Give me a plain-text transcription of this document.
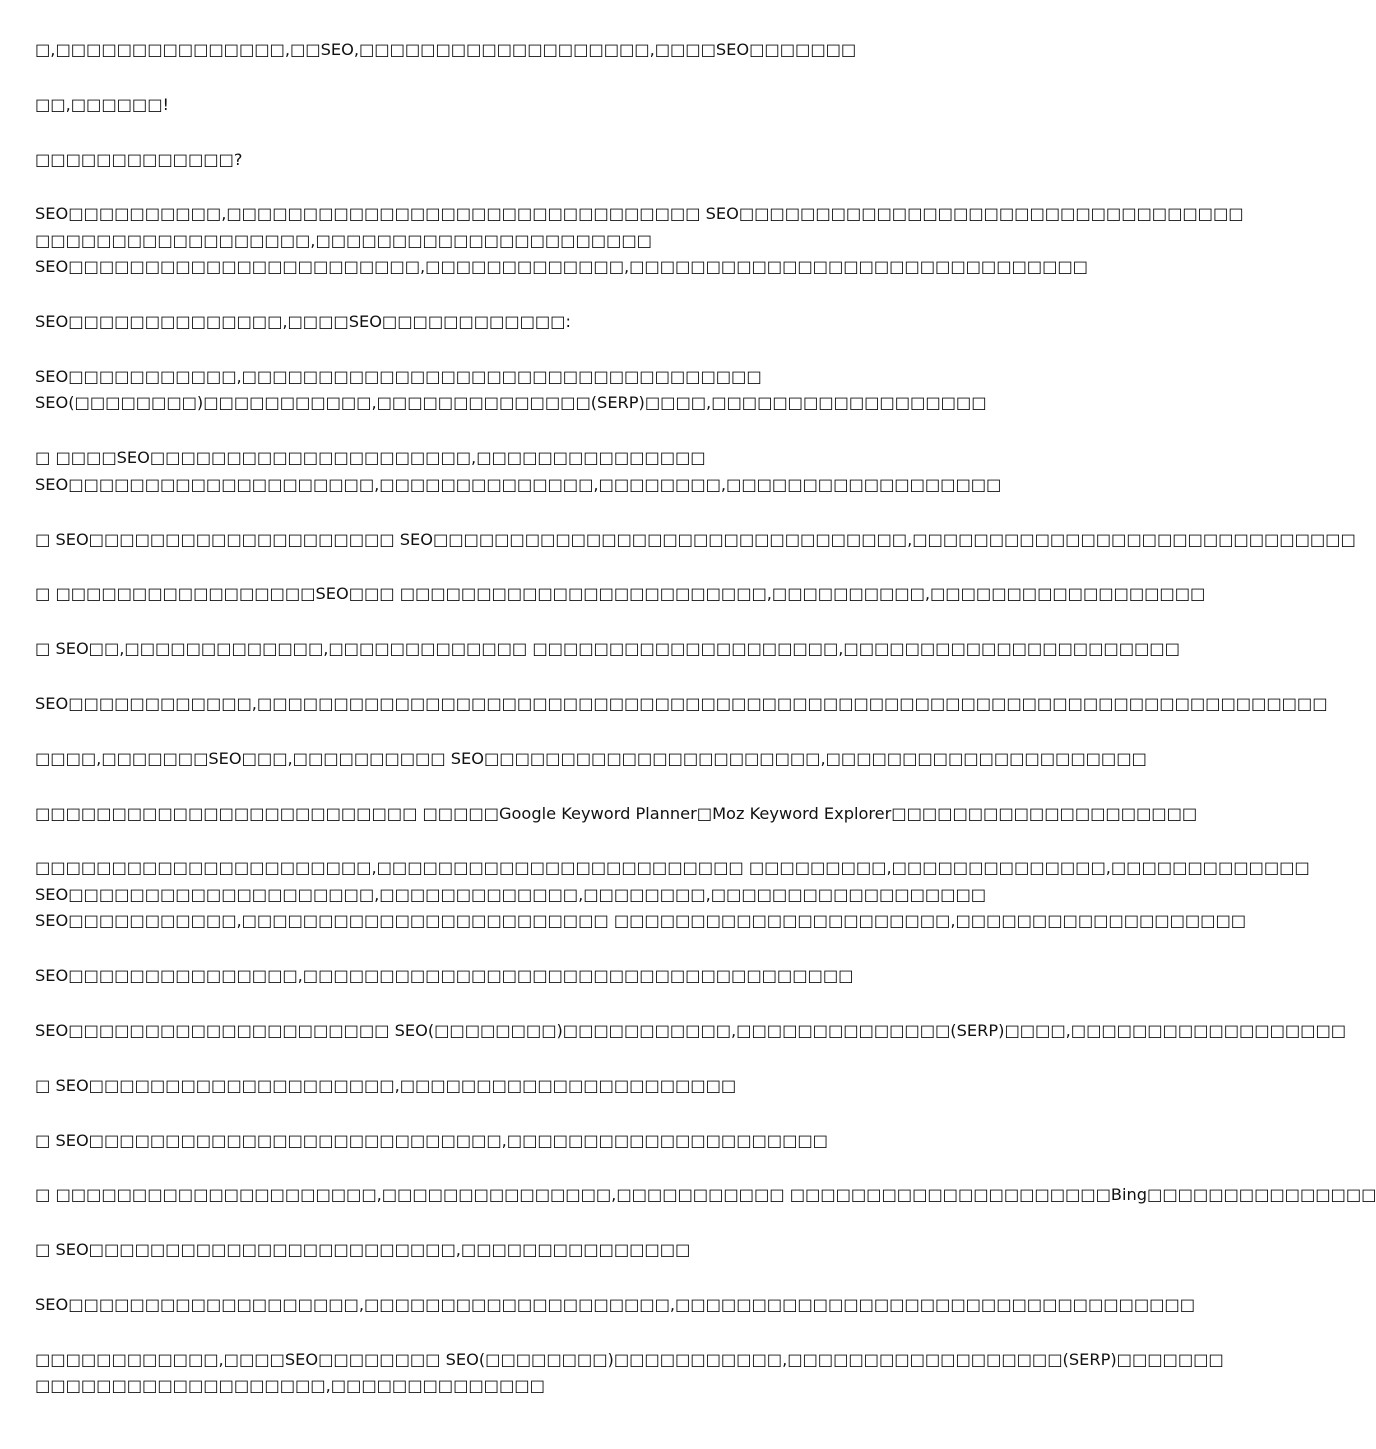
□,□□□□□□□□□□□□□□□,□□SEO,□□□□□□□□□□□□□□□□□□□,□□□□SEO□□□□□□□
□□,□□□□□□!
□□□□□□□□□□□□□?
SEO□□□□□□□□□□,□□□□□□□□□□□□□□□□□□□□□□□□□□□□□□□ SEO□□□□□□□□□□□□□□□□□□□□□□□□□□□□□□□□□
□□□□□□□□□□□□□□□□□□,□□□□□□□□□□□□□□□□□□□□□□
SEO□□□□□□□□□□□□□□□□□□□□□□□,□□□□□□□□□□□□□,□□□□□□□□□□□□□□□□□□□□□□□□□□□□□□
SEO□□□□□□□□□□□□□□,□□□□SEO□□□□□□□□□□□□:
SEO□□□□□□□□□□□,□□□□□□□□□□□□□□□□□□□□□□□□□□□□□□□□□□
SEO(□□□□□□□□)□□□□□□□□□□□,□□□□□□□□□□□□□□(SERP)□□□□,□□□□□□□□□□□□□□□□□□
□ □□□□SEO□□□□□□□□□□□□□□□□□□□□□,□□□□□□□□□□□□□□□
SEO□□□□□□□□□□□□□□□□□□□□,□□□□□□□□□□□□□□,□□□□□□□□,□□□□□□□□□□□□□□□□□□
□ SEO□□□□□□□□□□□□□□□□□□□□ SEO□□□□□□□□□□□□□□□□□□□□□□□□□□□□□□□,□□□□□□□□□□□□□□□□□□□□□□□□□□□□□
□ □□□□□□□□□□□□□□□□□SEO□□□ □□□□□□□□□□□□□□□□□□□□□□□□,□□□□□□□□□□,□□□□□□□□□□□□□□□□□□
□ SEO□□,□□□□□□□□□□□□□,□□□□□□□□□□□□□ □□□□□□□□□□□□□□□□□□□□,□□□□□□□□□□□□□□□□□□□□□□
SEO□□□□□□□□□□□□,□□□□□□□□□□□□□□□□□□□□□□□□□□□□□□□□□□□□□□□□□□□□□□□□□□□□□□□□□□□□□□□□□□□□□□
□□□□,□□□□□□□SEO□□□,□□□□□□□□□□ SEO□□□□□□□□□□□□□□□□□□□□□□,□□□□□□□□□□□□□□□□□□□□□
□□□□□□□□□□□□□□□□□□□□□□□□□ □□□□□Google Keyword Planner□Moz Keyword Explorer□□□□□□□□□□□□□□□□□□□□
□□□□□□□□□□□□□□□□□□□□□□,□□□□□□□□□□□□□□□□□□□□□□□□ □□□□□□□□□,□□□□□□□□□□□□□□,□□□□□□□□□□□□□
SEO□□□□□□□□□□□□□□□□□□□□,□□□□□□□□□□□□□,□□□□□□□□,□□□□□□□□□□□□□□□□□□
SEO□□□□□□□□□□□,□□□□□□□□□□□□□□□□□□□□□□□□ □□□□□□□□□□□□□□□□□□□□□□,□□□□□□□□□□□□□□□□□□□
SEO□□□□□□□□□□□□□□□,□□□□□□□□□□□□□□□□□□□□□□□□□□□□□□□□□□□□
SEO□□□□□□□□□□□□□□□□□□□□□ SEO(□□□□□□□□)□□□□□□□□□□□,□□□□□□□□□□□□□□(SERP)□□□□,□□□□□□□□□□□□□□□□□□
□ SEO□□□□□□□□□□□□□□□□□□□□,□□□□□□□□□□□□□□□□□□□□□□
□ SEO□□□□□□□□□□□□□□□□□□□□□□□□□□□,□□□□□□□□□□□□□□□□□□□□□
□ □□□□□□□□□□□□□□□□□□□□□,□□□□□□□□□□□□□□□,□□□□□□□□□□□ □□□□□□□□□□□□□□□□□□□□□Bing□□□□□□□□□□□□□□□
□ SEO□□□□□□□□□□□□□□□□□□□□□□□□,□□□□□□□□□□□□□□□
SEO□□□□□□□□□□□□□□□□□□□,□□□□□□□□□□□□□□□□□□□□,□□□□□□□□□□□□□□□□□□□□□□□□□□□□□□□□□□
□□□□□□□□□□□□,□□□□SEO□□□□□□□□ SEO(□□□□□□□□)□□□□□□□□□□□,□□□□□□□□□□□□□□□□□□(SERP)□□□□□□□
□□□□□□□□□□□□□□□□□□□,□□□□□□□□□□□□□□
